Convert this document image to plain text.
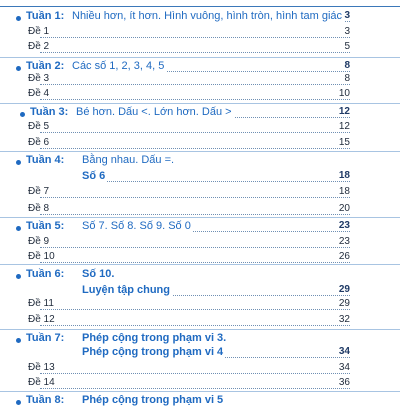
Tuần 1: Nhiều hơn, ít hơn. Hình vuông, hình tròn, hình tam giác 3
Đề 1	3
Đề 2	5
Tuần 2: Các số 1, 2, 3, 4, 5	8
Đề 3	8
Đề 4	10
Tuần 3: Bé hơn. Dấu <. Lớn hơn. Dấu >	12
Đề 5	12
Đề 6	15
Tuần 4: Bằng nhau. Dấu =.
Số 6	18
Đề 7	18
Đề 8	20
Tuần 5: Số 7. Số 8. Số 9. Số 0	23
Đề 9	23
Đề 10	26
Tuần 6: Số 10.
Luyện tập chung	29
Đề 11	29
Đề 12	32
Tuần 7: Phép cộng trong phạm vi 3.
Phép cộng trong phạm vi 4	34
Đề 13	34
Đề 14	36
Tuần 8: Phép cộng trong phạm vi 5
